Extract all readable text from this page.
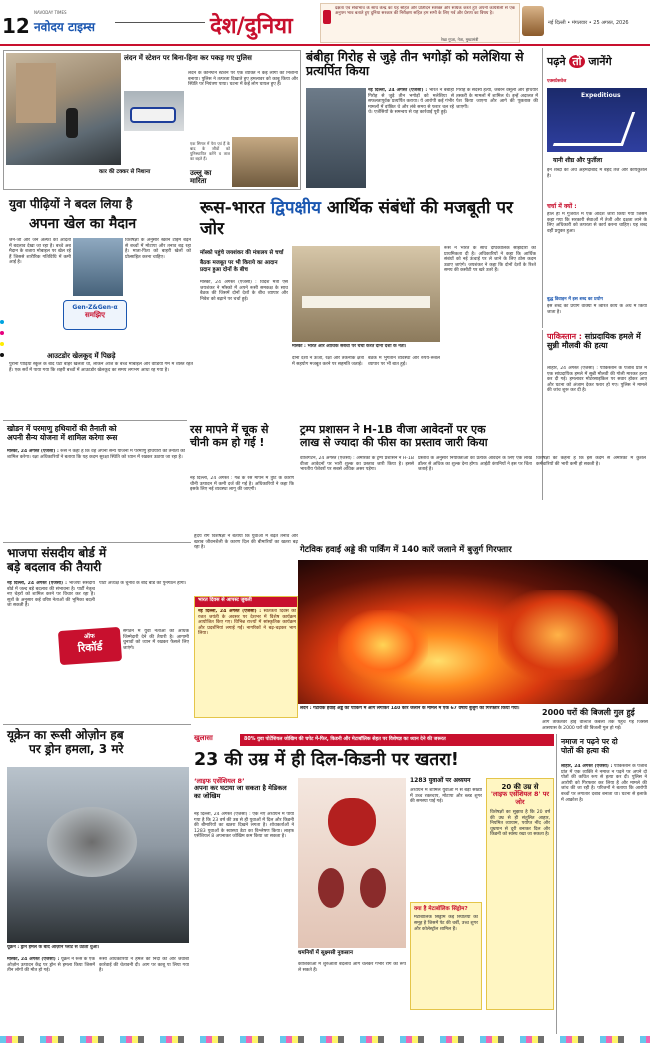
12
NAVODAY TIMES
नवोदय टाइम्स	देश/दुनिया
दक्षता एवं सेवाभाव के साथ केन्द्र का यह सहित और प्रतिदिन सशक्त और सार्थक करते हुए अपनी कार्यशैली से एक अनुपम भाव बताते हुए दुनिया सरकार की निरीक्षण सहित हम सभी के लिए गर्व और प्रेरणा का विषय है।
रेखा गुप्ता, नेता, मुख्यमंत्री
नई दिल्ली • मंगलवार • 25 अगस्त, 2026
लंदन में स्टेशन पर बिना-हिना कर पकड़ गए पुलिस
लंदन के केनिंग्टन स्टेशन पर एक व्यक्ति ने कई लोगों को निशाना बनाया। पुलिस ने तत्परता दिखाते हुए हमलावर को काबू किया और स्थिति पर नियंत्रण पाया। घटना में कई लोग घायल हुए हैं।
कार की टक्कर से निशाना	उल्लू का मारिता
एक सिगार में पेरा एवं हैं के बाद के जीवों को पुनिस्थापित करेंगे व ताज का बहते हैं।
बंबीहा गिरोह से जुड़े तीन भगोड़ों को मलेशिया से प्रत्यर्पित किया
नई दिल्ली, 24 अगस्त (एजेंसी) : भारत ने बंबीहा गिरोह से जुड़े तीन भगोड़ों को मलेशिया से सफलतापूर्वक प्रत्यर्पित कराया। ये आरोपी कई गंभीर मामलों में वांछित थे और लंबे समय से फरार चल रहे थे। एजेंसियों के समन्वय से यह कार्रवाई पूरी हुई।
गिरोह के सदस्य हत्या, जबरन वसूली और हथियार तस्करी के मामलों में शामिल थे। इन्हें अदालत में पेश किया जाएगा और आगे की पूछताछ की जाएगी।
पढ़ने तो जानेंगे
एक्सप्रेसवेज
Expeditious
यानी शीघ्र और फुर्तीला
इन शब्दों का अर्थ अहमदाबाद में बेहद तेज और कार्यकुशल है।
चर्चा में क्यों :
हाल ही में गुजरात में एक आदेश जारी किया गया जिसमें कहा गया कि सरकारी सेवाओं में तेजी और दक्षता लाने के लिए अधिकारी को तत्परता से कार्य करना चाहिए। यह शब्द वहीं प्रयुक्त हुआ।
बुद्ध डिवाइन में इस शब्द का प्रयोग
इस शब्द का प्रयोग वाक्यों में त्वरित कार्य के अर्थ में किया जाता है।
युवा पीढ़ियों ने बदल लिया है
अपना खेल का मैदान
जेन-जी और जेन अल्फा की आदतों में बदलाव देखा जा रहा है। बच्चे अब मैदान के बजाय मोबाइल पर खेल रहे हैं जिससे शारीरिक गतिविधि में कमी आई है।
विशेषज्ञों के अनुसार स्क्रीन टाइम बढ़ने से बच्चों में मोटापा और तनाव बढ़ रहा है। माता-पिता को बाहरी खेलों को प्रोत्साहित करना चाहिए।
Gen-Z&Gen-α
समझिए
आउटडोर खेलकूद में पिछड़े
पुरानी पीढ़ियां स्कूल के बाद घंटों बाहर खेलती थीं, लेकिन आज के बच्चे मोबाइल और वीडियो गेम में व्यस्त रहते हैं। एक सर्वे में पाया गया कि शहरी बच्चों में आउटडोर खेलकूद का समय लगभग आधा रह गया है।
रूस-भारत द्विपक्षीय आर्थिक संबंधों की मजबूती पर जोर
मॉस्को पहुंचे जयशंकर की मंत्रालय से चर्चा
बैठक मजबूत पर भी किराये का आदान प्रदान हुआ दोनों के बीच
मॉस्को : भारत और आर्थिक संबंधों पर चर्चा करते दोनों देशों के नेता।
मॉस्को, 24 अगस्त (एजेंसी) : विदेश मंत्री एस जयशंकर ने मॉस्को में अपने रूसी समकक्ष के साथ बैठक की जिसमें दोनों देशों के बीच व्यापार और निवेश को बढ़ाने पर चर्चा हुई।
दोनों देशों ने ऊर्जा, रक्षा और तकनीक क्षेत्रों में सहयोग मजबूत करने पर सहमति जताई।
बैठक में भुगतान व्यवस्था और रुपये-रूबल व्यापार पर भी बात हुई।
रूस ने भारत के साथ दीर्घकालिक साझेदारी को प्राथमिकता दी है। अधिकारियों ने कहा कि आर्थिक संबंधों को नई ऊंचाई पर ले जाने के लिए ठोस कदम उठाए जाएंगे। जयशंकर ने कहा कि दोनों देशों के रिश्ते समय की कसौटी पर खरे उतरे हैं।
पाकिस्तान : सांप्रदायिक हमले में सुन्नी मौलवी की हत्या
लाहौर, 24 अगस्त (एजेंसी) : पाकिस्तान के पंजाब प्रांत में एक सांप्रदायिक हमले में सुन्नी मौलवी की गोली मारकर हत्या कर दी गई। हमलावर मोटरसाइकिल पर सवार होकर आए और घटना को अंजाम देकर फरार हो गए। पुलिस ने मामले की जांच शुरू कर दी है।
खोडन में परमाणु हथियारों की तैनाती को
अपनी सैन्य योजना में शामिल करेगा रूस
मॉस्को, 24 अगस्त (एजेंसी) : रूस ने कहा है कि वह अपनी सैन्य योजना में परमाणु हथियारों की तैनाती को शामिल करेगा। रक्षा अधिकारियों ने बताया कि यह कदम सुरक्षा स्थिति को ध्यान में रखकर उठाया जा रहा है।
रस मापने में चूक से
चीनी कम हो गई !
नई दिल्ली, 24 अगस्त : गन्ने के रस मापने में त्रुटि के कारण चीनी उत्पादन में कमी दर्ज की गई है। अधिकारियों ने कहा कि इसके लिए नई व्यवस्था लागू की जाएगी।
ट्रम्प प्रशासन ने H-1B वीजा आवेदनों पर एक
लाख से ज्यादा की फीस का प्रस्ताव जारी किया
वॉशिंगटन, 24 अगस्त (एजेंसी) : अमेरिका के ट्रम्प प्रशासन ने H-1B वीजा आवेदनों पर भारी शुल्क का प्रस्ताव जारी किया है। इससे भारतीय पेशेवरों पर सबसे अधिक असर पड़ेगा।
प्रस्ताव के अनुसार नियोक्ताओं को प्रत्येक आवेदन के लिए एक लाख डॉलर से अधिक का शुल्क देना होगा। आईटी कंपनियों ने इस पर चिंता जताई है।
विशेषज्ञों का कहना है कि इस कदम से अमेरिका में कुशल कर्मचारियों की भारी कमी हो सकती है।
भाजपा संसदीय बोर्ड में
बड़े बदलाव की तैयारी
नई दिल्ली, 24 अगस्त (एजेंसी) : भाजपा संसदीय बोर्ड में जल्द बड़े बदलाव की संभावना है। पार्टी नेतृत्व नए चेहरों को शामिल करने पर विचार कर रहा है। सूत्रों के अनुसार कई वरिष्ठ नेताओं की भूमिका बदली जा सकती है।
पार्टी अध्यक्ष के चुनाव के बाद बोर्ड का पुनर्गठन होगा।
ऑफ
रिकॉर्ड
संगठन में युवा नेताओं को अधिक जिम्मेदारी देने की तैयारी है। आगामी चुनावों को ध्यान में रखकर फैसले लिए जाएंगे।
हृदय रोग विशेषज्ञों ने बताया कि युवाओं में बढ़ते तनाव और खराब जीवनशैली के कारण दिल की बीमारियों का खतरा बढ़ रहा है।
भारत दिवस से आपस्ट जुबली
नई दिल्ली, 24 अगस्त (एजेंसी) : स्वतंत्रता दिवस की रजत जयंती के अवसर पर देशभर में विशेष कार्यक्रम आयोजित किए गए। विभिन्न राज्यों में सांस्कृतिक कार्यक्रम और प्रदर्शनियां लगाई गईं। नागरिकों ने बढ़-चढ़कर भाग लिया।
गेटविक हवाई अड्डे की पार्किंग में 140 कारें जलाने में बुजुर्ग गिरफ्तार
लंदन : गेटविक हवाई अड्डे की पार्किंग में आग लगाकर 140 कारें जलाने के मामले में एक 67 वर्षीय बुजुर्ग को गिरफ्तार किया गया।	2000 घरों की बिजली गुल हुई
आग ताकतवर हाई वोल्टेज केबलों तक पहुंच गई जिससे आसपास के 2000 घरों की बिजली गुल हो गई।
यूक्रेन का रूसी ओज़ोन हब
पर ड्रोन हमला, 3 मरे
यूक्रेन : ड्रोन हमले के बाद ओज़ोन प्लांट से उठता धुआं।
मॉस्को, 24 अगस्त (एजेंसी) : यूक्रेन ने रूस के एक ओज़ोन उत्पादन केंद्र पर ड्रोन से हमला किया जिसमें तीन लोगों की मौत हो गई।
रूसी अधिकारियों ने हमले की निंदा की और जवाबी कार्रवाई की चेतावनी दी। आग पर काबू पा लिया गया है।
खुलासा	80% युवा पोटेंशियल जोखिम की चपेट में-फिर, किडनी और मेटाबॉलिक सेहत पर विशेषज्ञ का ध्यान देने की जरूरत
23 की उम्र में ही दिल-किडनी पर खतरा!
‘लाइफ एसेंशियल 8’
अपना कर घटाया जा सकता है मेडिकल का जोखिम
नई दिल्ली, 24 अगस्त (एजेंसी) : एक नए अध्ययन में पाया गया है कि 23 वर्ष की उम्र से ही युवाओं में दिल और किडनी की बीमारियों का खतरा दिखने लगता है। शोधकर्ताओं ने 1283 युवाओं के स्वास्थ्य डेटा का विश्लेषण किया। लाइफ एसेंशियल 8 अपनाकर जोखिम कम किया जा सकता है।
धमनियों में सूक्ष्मसी नुकसान
कोशिकाओं में शुरुआती बदलाव आगे चलकर गंभीर रोग का रूप ले सकते हैं।
1283 युवाओं पर अध्ययन
अध्ययन में शामिल युवाओं में से बड़ी संख्या में उच्च रक्तचाप, मोटापा और ब्लड शुगर की समस्या पाई गई।
क्या है मेटाबॉलिक सिंड्रोम?
मेटाबॉलिक सिंड्रोम कई स्थितियों का समूह है जिसमें पेट की चर्बी, उच्च शुगर और कोलेस्ट्रॉल शामिल हैं।
20 की उम्र से
'लाइफ एसेंशियल 8' पर जोर
विशेषज्ञों का सुझाव है कि 20 वर्ष की उम्र से ही संतुलित आहार, नियमित व्यायाम, पर्याप्त नींद और धूम्रपान से दूरी बनाकर दिल और किडनी को स्वस्थ रखा जा सकता है।
नमाज न पढ़ने पर दो
पोतों की हत्या की
लाहौर, 24 अगस्त (एजेंसी) : पाकिस्तान के पंजाब प्रांत में एक व्यक्ति ने नमाज न पढ़ने पर अपने दो पोतों की कथित रूप से हत्या कर दी। पुलिस ने आरोपी को गिरफ्तार कर लिया है और मामले की जांच की जा रही है। परिजनों ने बताया कि आरोपी बच्चों पर लगातार दबाव बनाता था। घटना से इलाके में आक्रोश है।
